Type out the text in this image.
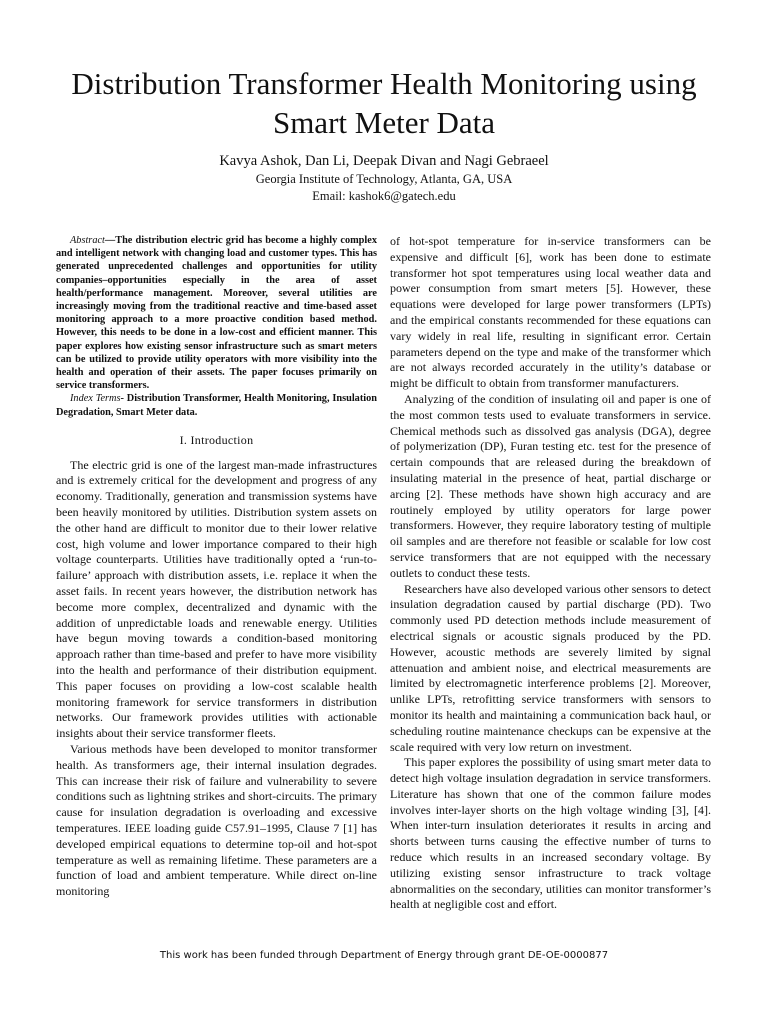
Distribution Transformer Health Monitoring using Smart Meter Data
Kavya Ashok, Dan Li, Deepak Divan and Nagi Gebraeel
Georgia Institute of Technology, Atlanta, GA, USA
Email: kashok6@gatech.edu

Abstract—The distribution electric grid has become a highly complex and intelligent network with changing load and customer types. This has generated unprecedented challenges and opportunities for utility companies–opportunities especially in the area of asset health/performance management. Moreover, several utilities are increasingly moving from the traditional reactive and time-based asset monitoring approach to a more proactive condition based method. However, this needs to be done in a low-cost and efficient manner. This paper explores how existing sensor infrastructure such as smart meters can be utilized to provide utility operators with more visibility into the health and operation of their assets. The paper focuses primarily on service transformers.

Index Terms- Distribution Transformer, Health Monitoring, Insulation Degradation, Smart Meter data.

I. Introduction

The electric grid is one of the largest man-made infrastructures and is extremely critical for the development and progress of any economy. Traditionally, generation and transmission systems have been heavily monitored by utilities. Distribution system assets on the other hand are difficult to monitor due to their lower relative cost, high volume and lower importance compared to their high voltage counterparts. Utilities have traditionally opted a ‘run-to-failure’ approach with distribution assets, i.e. replace it when the asset fails. In recent years however, the distribution network has become more complex, decentralized and dynamic with the addition of unpredictable loads and renewable energy. Utilities have begun moving towards a condition-based monitoring approach rather than time-based and prefer to have more visibility into the health and performance of their distribution equipment. This paper focuses on providing a low-cost scalable health monitoring framework for service transformers in distribution networks. Our framework provides utilities with actionable insights about their service transformer fleets.

Various methods have been developed to monitor transformer health. As transformers age, their internal insulation degrades. This can increase their risk of failure and vulnerability to severe conditions such as lightning strikes and short-circuits. The primary cause for insulation degradation is overloading and excessive temperatures. IEEE loading guide C57.91–1995, Clause 7 [1] has developed empirical equations to determine top-oil and hot-spot temperature as well as remaining lifetime. These parameters are a function of load and ambient temperature. While direct on-line monitoring

of hot-spot temperature for in-service transformers can be expensive and difficult [6], work has been done to estimate transformer hot spot temperatures using local weather data and power consumption from smart meters [5]. However, these equations were developed for large power transformers (LPTs) and the empirical constants recommended for these equations can vary widely in real life, resulting in significant error. Certain parameters depend on the type and make of the transformer which are not always recorded accurately in the utility’s database or might be difficult to obtain from transformer manufacturers.

Analyzing of the condition of insulating oil and paper is one of the most common tests used to evaluate transformers in service. Chemical methods such as dissolved gas analysis (DGA), degree of polymerization (DP), Furan testing etc. test for the presence of certain compounds that are released during the breakdown of insulating material in the presence of heat, partial discharge or arcing [2]. These methods have shown high accuracy and are routinely employed by utility operators for large power transformers. However, they require laboratory testing of multiple oil samples and are therefore not feasible or scalable for low cost service transformers that are not equipped with the necessary outlets to conduct these tests.

Researchers have also developed various other sensors to detect insulation degradation caused by partial discharge (PD). Two commonly used PD detection methods include measurement of electrical signals or acoustic signals produced by the PD. However, acoustic methods are severely limited by signal attenuation and ambient noise, and electrical measurements are limited by electromagnetic interference problems [2]. Moreover, unlike LPTs, retrofitting service transformers with sensors to monitor its health and maintaining a communication back haul, or scheduling routine maintenance checkups can be expensive at the scale required with very low return on investment.

This paper explores the possibility of using smart meter data to detect high voltage insulation degradation in service transformers. Literature has shown that one of the common failure modes involves inter-layer shorts on the high voltage winding [3], [4]. When inter-turn insulation deteriorates it results in arcing and shorts between turns causing the effective number of turns to reduce which results in an increased secondary voltage. By utilizing existing sensor infrastructure to track voltage abnormalities on the secondary, utilities can monitor transformer’s health at negligible cost and effort.

This work has been funded through Department of Energy through grant DE-OE-0000877
